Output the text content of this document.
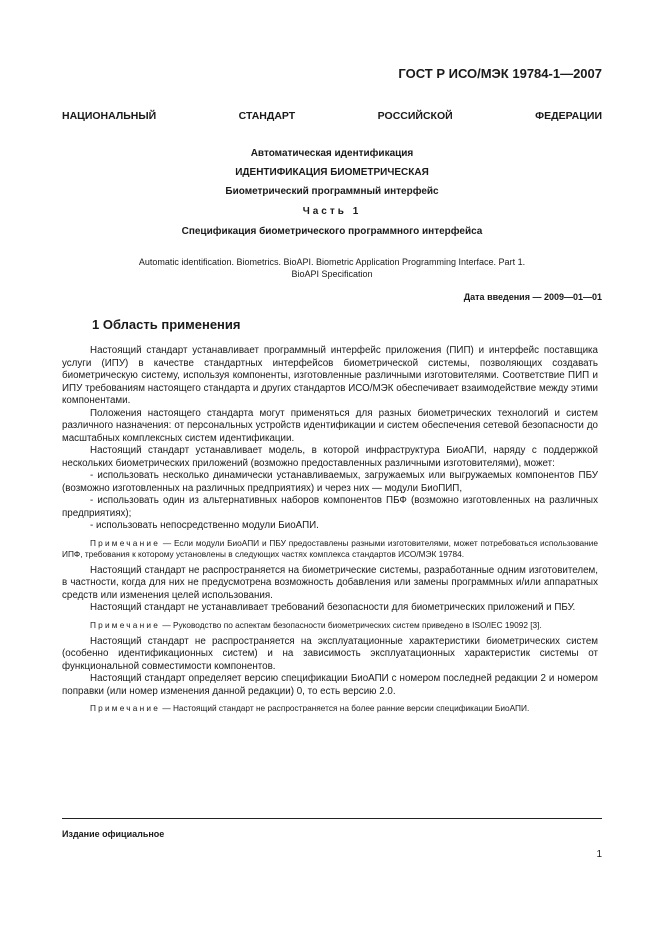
ГОСТ Р ИСО/МЭК 19784-1—2007
НАЦИОНАЛЬНЫЙ СТАНДАРТ РОССИЙСКОЙ ФЕДЕРАЦИИ
Автоматическая идентификация
ИДЕНТИФИКАЦИЯ БИОМЕТРИЧЕСКАЯ
Биометрический программный интерфейс
Часть 1
Спецификация биометрического программного интерфейса
Automatic identification. Biometrics. BioAPI. Biometric Application Programming Interface. Part 1.
BioAPI Specification
Дата введения — 2009—01—01
1 Область применения

Настоящий стандарт устанавливает программный интерфейс приложения (ПИП) и интерфейс поставщика услуги (ИПУ) в качестве стандартных интерфейсов биометрической системы, позволяющих создавать биометрическую систему, используя компоненты, изготовленные различными изготовителями. Соответствие ПИП и ИПУ требованиям настоящего стандарта и других стандартов ИСО/МЭК обеспечивает взаимодействие между этими компонентами.

Положения настоящего стандарта могут применяться для разных биометрических технологий и систем различного назначения: от персональных устройств идентификации и систем обеспечения сетевой безопасности до масштабных комплексных систем идентификации.

Настоящий стандарт устанавливает модель, в которой инфраструктура БиоАПИ, наряду с поддержкой нескольких биометрических приложений (возможно предоставленных различными изготовителями), может:

- использовать несколько динамически устанавливаемых, загружаемых или выгружаемых компонентов ПБУ (возможно изготовленных на различных предприятиях) и через них — модули БиоПИП,

- использовать один из альтернативных наборов компонентов ПБФ (возможно изготовленных на различных предприятиях);

- использовать непосредственно модули БиоАПИ.

Примечание — Если модули БиоАПИ и ПБУ предоставлены разными изготовителями, может потребоваться использование ИПФ, требования к которому установлены в следующих частях комплекса стандартов ИСО/МЭК 19784.

Настоящий стандарт не распространяется на биометрические системы, разработанные одним изготовителем, в частности, когда для них не предусмотрена возможность добавления или замены программных и/или аппаратных средств или изменения целей использования.

Настоящий стандарт не устанавливает требований безопасности для биометрических приложений и ПБУ.

Примечание — Руководство по аспектам безопасности биометрических систем приведено в ISO/IEC 19092 [3].

Настоящий стандарт не распространяется на эксплуатационные характеристики биометрических систем (особенно идентификационных систем) и на зависимость эксплуатационных характеристик системы от функциональной совместимости компонентов.

Настоящий стандарт определяет версию спецификации БиоАПИ с номером последней редакции 2 и номером поправки (или номер изменения данной редакции) 0, то есть версию 2.0.

Примечание — Настоящий стандарт не распространяется на более ранние версии спецификации БиоАПИ.

Издание официальное
1
